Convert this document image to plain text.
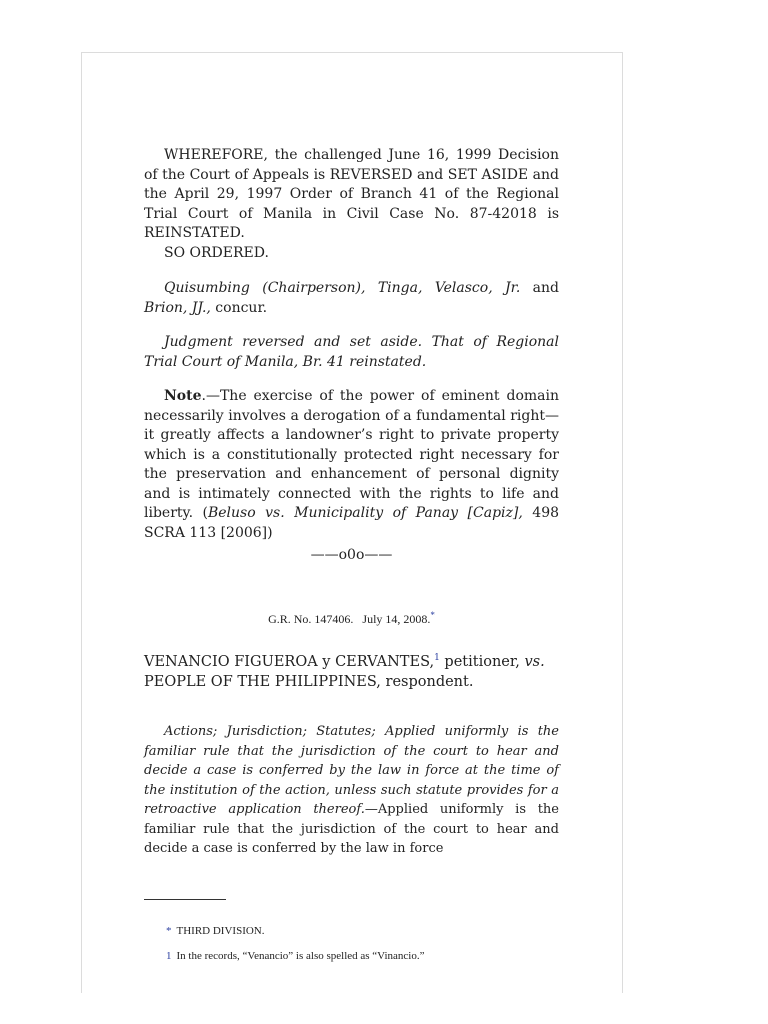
WHEREFORE, the challenged June 16, 1999 Decision of the Court of Appeals is REVERSED and SET ASIDE and the April 29, 1997 Order of Branch 41 of the Regional Trial Court of Manila in Civil Case No. 87-42018 is REINSTATED.

SO ORDERED.

Quisumbing (Chairperson), Tinga, Velasco, Jr. and Brion, JJ., concur.

Judgment reversed and set aside. That of Regional Trial Court of Manila, Br. 41 reinstated.

Note.—The exercise of the power of eminent domain necessarily involves a derogation of a fundamental right—it greatly affects a landowner’s right to private property which is a constitutionally protected right necessary for the preservation and enhancement of personal dignity and is intimately connected with the rights to life and liberty. (Beluso vs. Municipality of Panay [Capiz], 498 SCRA 113 [2006])

——o0o——

G.R. No. 147406. July 14, 2008.*

VENANCIO FIGUEROA y CERVANTES,$^1$ petitioner, vs. PEOPLE OF THE PHILIPPINES, respondent.

Actions; Jurisdiction; Statutes; Applied uniformly is the familiar rule that the jurisdiction of the court to hear and decide a case is conferred by the law in force at the time of the institution of the action, unless such statute provides for a retroactive application thereof.—Applied uniformly is the familiar rule that the jurisdiction of the court to hear and decide a case is conferred by the law in force

* THIRD DIVISION.
1 In the records, “Venancio” is also spelled as “Vinancio.”
